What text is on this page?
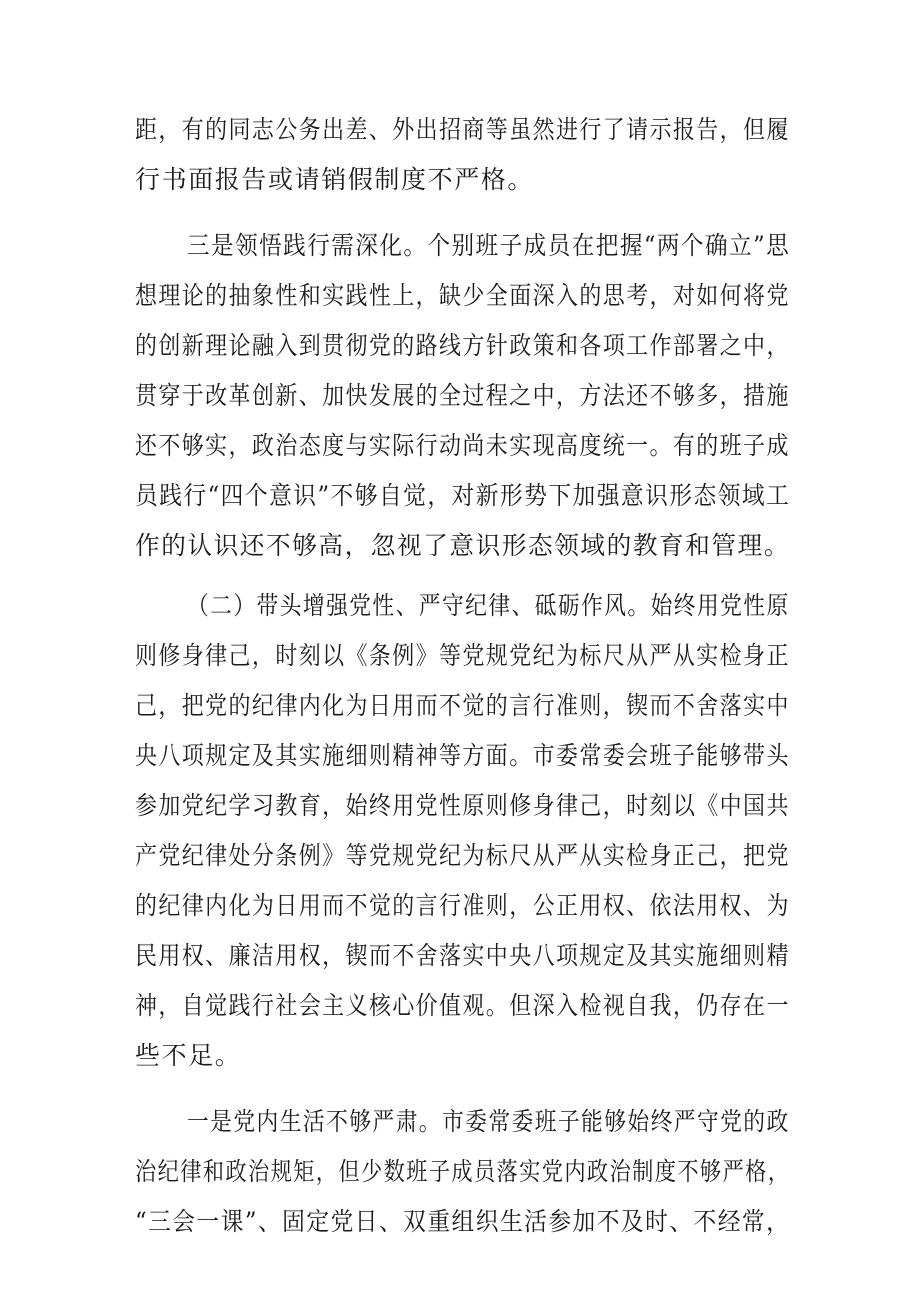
距，有的同志公务出差、外出招商等虽然进行了请示报告，但履
行书面报告或请销假制度不严格。
三是领悟践行需深化。个别班子成员在把握“两个确立”思
想理论的抽象性和实践性上，缺少全面深入的思考，对如何将党
的创新理论融入到贯彻党的路线方针政策和各项工作部署之中，
贯穿于改革创新、加快发展的全过程之中，方法还不够多，措施
还不够实，政治态度与实际行动尚未实现高度统一。有的班子成
员践行“四个意识”不够自觉，对新形势下加强意识形态领域工
作的认识还不够高，忽视了意识形态领域的教育和管理。
（二）带头增强党性、严守纪律、砥砺作风。始终用党性原
则修身律己，时刻以《条例》等党规党纪为标尺从严从实检身正
己，把党的纪律内化为日用而不觉的言行准则，锲而不舍落实中
央八项规定及其实施细则精神等方面。市委常委会班子能够带头
参加党纪学习教育，始终用党性原则修身律己，时刻以《中国共
产党纪律处分条例》等党规党纪为标尺从严从实检身正己，把党
的纪律内化为日用而不觉的言行准则，公正用权、依法用权、为
民用权、廉洁用权，锲而不舍落实中央八项规定及其实施细则精
神，自觉践行社会主义核心价值观。但深入检视自我，仍存在一
些不足。
一是党内生活不够严肃。市委常委班子能够始终严守党的政
治纪律和政治规矩，但少数班子成员落实党内政治制度不够严格，
“三会一课”、固定党日、双重组织生活参加不及时、不经常，
